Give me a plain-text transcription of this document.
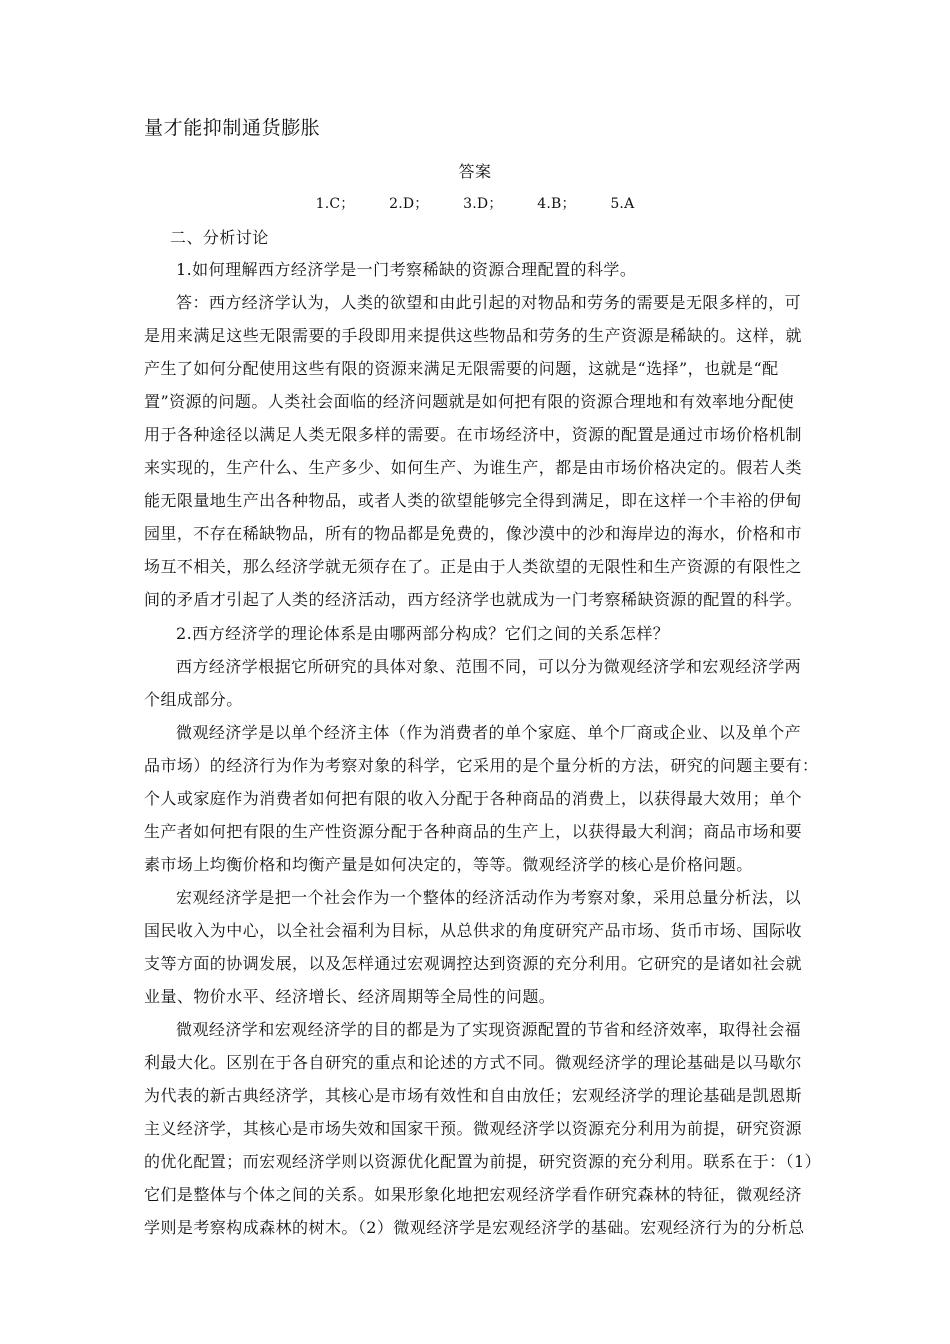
量才能抑制通货膨胀
答案
1.C； 2.D； 3.D； 4.B； 5.A
二、分析讨论
1.如何理解西方经济学是一门考察稀缺的资源合理配置的科学。
答：西方经济学认为，人类的欲望和由此引起的对物品和劳务的需要是无限多样的，可
是用来满足这些无限需要的手段即用来提供这些物品和劳务的生产资源是稀缺的。这样，就
产生了如何分配使用这些有限的资源来满足无限需要的问题，这就是“选择”，也就是“配
置”资源的问题。人类社会面临的经济问题就是如何把有限的资源合理地和有效率地分配使
用于各种途径以满足人类无限多样的需要。在市场经济中，资源的配置是通过市场价格机制
来实现的，生产什么、生产多少、如何生产、为谁生产，都是由市场价格决定的。假若人类
能无限量地生产出各种物品，或者人类的欲望能够完全得到满足，即在这样一个丰裕的伊甸
园里，不存在稀缺物品，所有的物品都是免费的，像沙漠中的沙和海岸边的海水，价格和市
场互不相关，那么经济学就无须存在了。正是由于人类欲望的无限性和生产资源的有限性之
间的矛盾才引起了人类的经济活动，西方经济学也就成为一门考察稀缺资源的配置的科学。
2.西方经济学的理论体系是由哪两部分构成？它们之间的关系怎样？
西方经济学根据它所研究的具体对象、范围不同，可以分为微观经济学和宏观经济学两
个组成部分。
微观经济学是以单个经济主体（作为消费者的单个家庭、单个厂商或企业、以及单个产
品市场）的经济行为作为考察对象的科学，它采用的是个量分析的方法，研究的问题主要有：
个人或家庭作为消费者如何把有限的收入分配于各种商品的消费上，以获得最大效用；单个
生产者如何把有限的生产性资源分配于各种商品的生产上，以获得最大利润；商品市场和要
素市场上均衡价格和均衡产量是如何决定的，等等。微观经济学的核心是价格问题。
宏观经济学是把一个社会作为一个整体的经济活动作为考察对象，采用总量分析法，以
国民收入为中心，以全社会福利为目标，从总供求的角度研究产品市场、货币市场、国际收
支等方面的协调发展，以及怎样通过宏观调控达到资源的充分利用。它研究的是诸如社会就
业量、物价水平、经济增长、经济周期等全局性的问题。
微观经济学和宏观经济学的目的都是为了实现资源配置的节省和经济效率，取得社会福
利最大化。区别在于各自研究的重点和论述的方式不同。微观经济学的理论基础是以马歇尔
为代表的新古典经济学，其核心是市场有效性和自由放任；宏观经济学的理论基础是凯恩斯
主义经济学，其核心是市场失效和国家干预。微观经济学以资源充分利用为前提，研究资源
的优化配置；而宏观经济学则以资源优化配置为前提，研究资源的充分利用。联系在于：（1）
它们是整体与个体之间的关系。如果形象化地把宏观经济学看作研究森林的特征，微观经济
学则是考察构成森林的树木。（2）微观经济学是宏观经济学的基础。宏观经济行为的分析总
